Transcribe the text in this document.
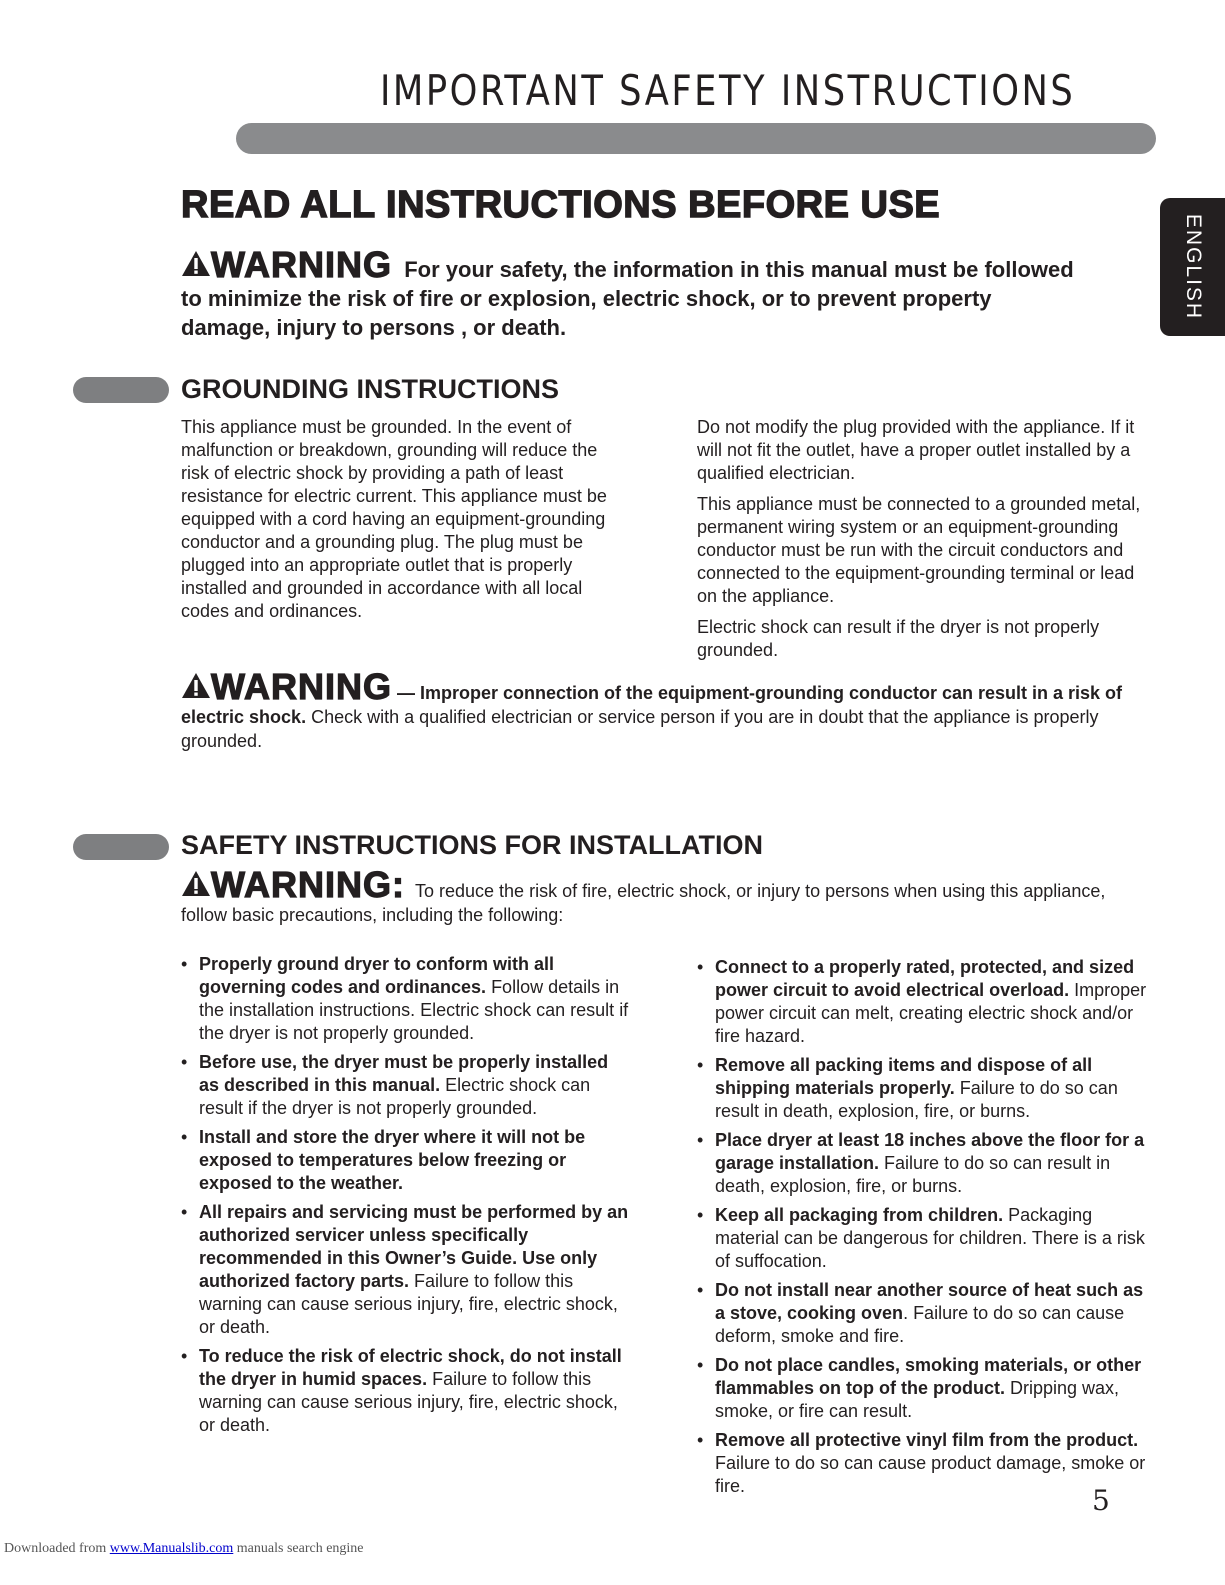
IMPORTANT SAFETY INSTRUCTIONS
ENGLISH
READ ALL INSTRUCTIONS BEFORE USE
WARNING For your safety, the information in this manual must be followed to minimize the risk of fire or explosion, electric shock, or to prevent property damage, injury to persons , or death.
GROUNDING INSTRUCTIONS

This appliance must be grounded. In the event of malfunction or breakdown, grounding will reduce the risk of electric shock by providing a path of least resistance for electric current. This appliance must be equipped with a cord having an equipment-grounding conductor and a grounding plug. The plug must be plugged into an appropriate outlet that is properly installed and grounded in accordance with all local codes and ordinances.

Do not modify the plug provided with the appliance. If it will not fit the outlet, have a proper outlet installed by a qualified electrician.

This appliance must be connected to a grounded metal, permanent wiring system or an equipment-grounding conductor must be run with the circuit conductors and connected to the equipment-grounding terminal or lead on the appliance.

Electric shock can result if the dryer is not properly grounded.

WARNING — Improper connection of the equipment-grounding conductor can result in a risk of electric shock. Check with a qualified electrician or service person if you are in doubt that the appliance is properly grounded.
SAFETY INSTRUCTIONS FOR INSTALLATION
WARNING: To reduce the risk of fire, electric shock, or injury to persons when using this appliance, follow basic precautions, including the following:
• Properly ground dryer to conform with all governing codes and ordinances. Follow details in the installation instructions. Electric shock can result if the dryer is not properly grounded.
• Before use, the dryer must be properly installed as described in this manual. Electric shock can result if the dryer is not properly grounded.
• Install and store the dryer where it will not be exposed to temperatures below freezing or exposed to the weather.
• All repairs and servicing must be performed by an authorized servicer unless specifically recommended in this Owner’s Guide. Use only authorized factory parts. Failure to follow this warning can cause serious injury, fire, electric shock, or death.
• To reduce the risk of electric shock, do not install the dryer in humid spaces. Failure to follow this warning can cause serious injury, fire, electric shock, or death.
• Connect to a properly rated, protected, and sized power circuit to avoid electrical overload. Improper power circuit can melt, creating electric shock and/or fire hazard.
• Remove all packing items and dispose of all shipping materials properly. Failure to do so can result in death, explosion, fire, or burns.
• Place dryer at least 18 inches above the floor for a garage installation. Failure to do so can result in death, explosion, fire, or burns.
• Keep all packaging from children. Packaging material can be dangerous for children. There is a risk of suffocation.
• Do not install near another source of heat such as a stove, cooking oven. Failure to do so can cause deform, smoke and fire.
• Do not place candles, smoking materials, or other flammables on top of the product. Dripping wax, smoke, or fire can result.
• Remove all protective vinyl film from the product. Failure to do so can cause product damage, smoke or fire.	5
Downloaded from www.Manualslib.com manuals search engine
